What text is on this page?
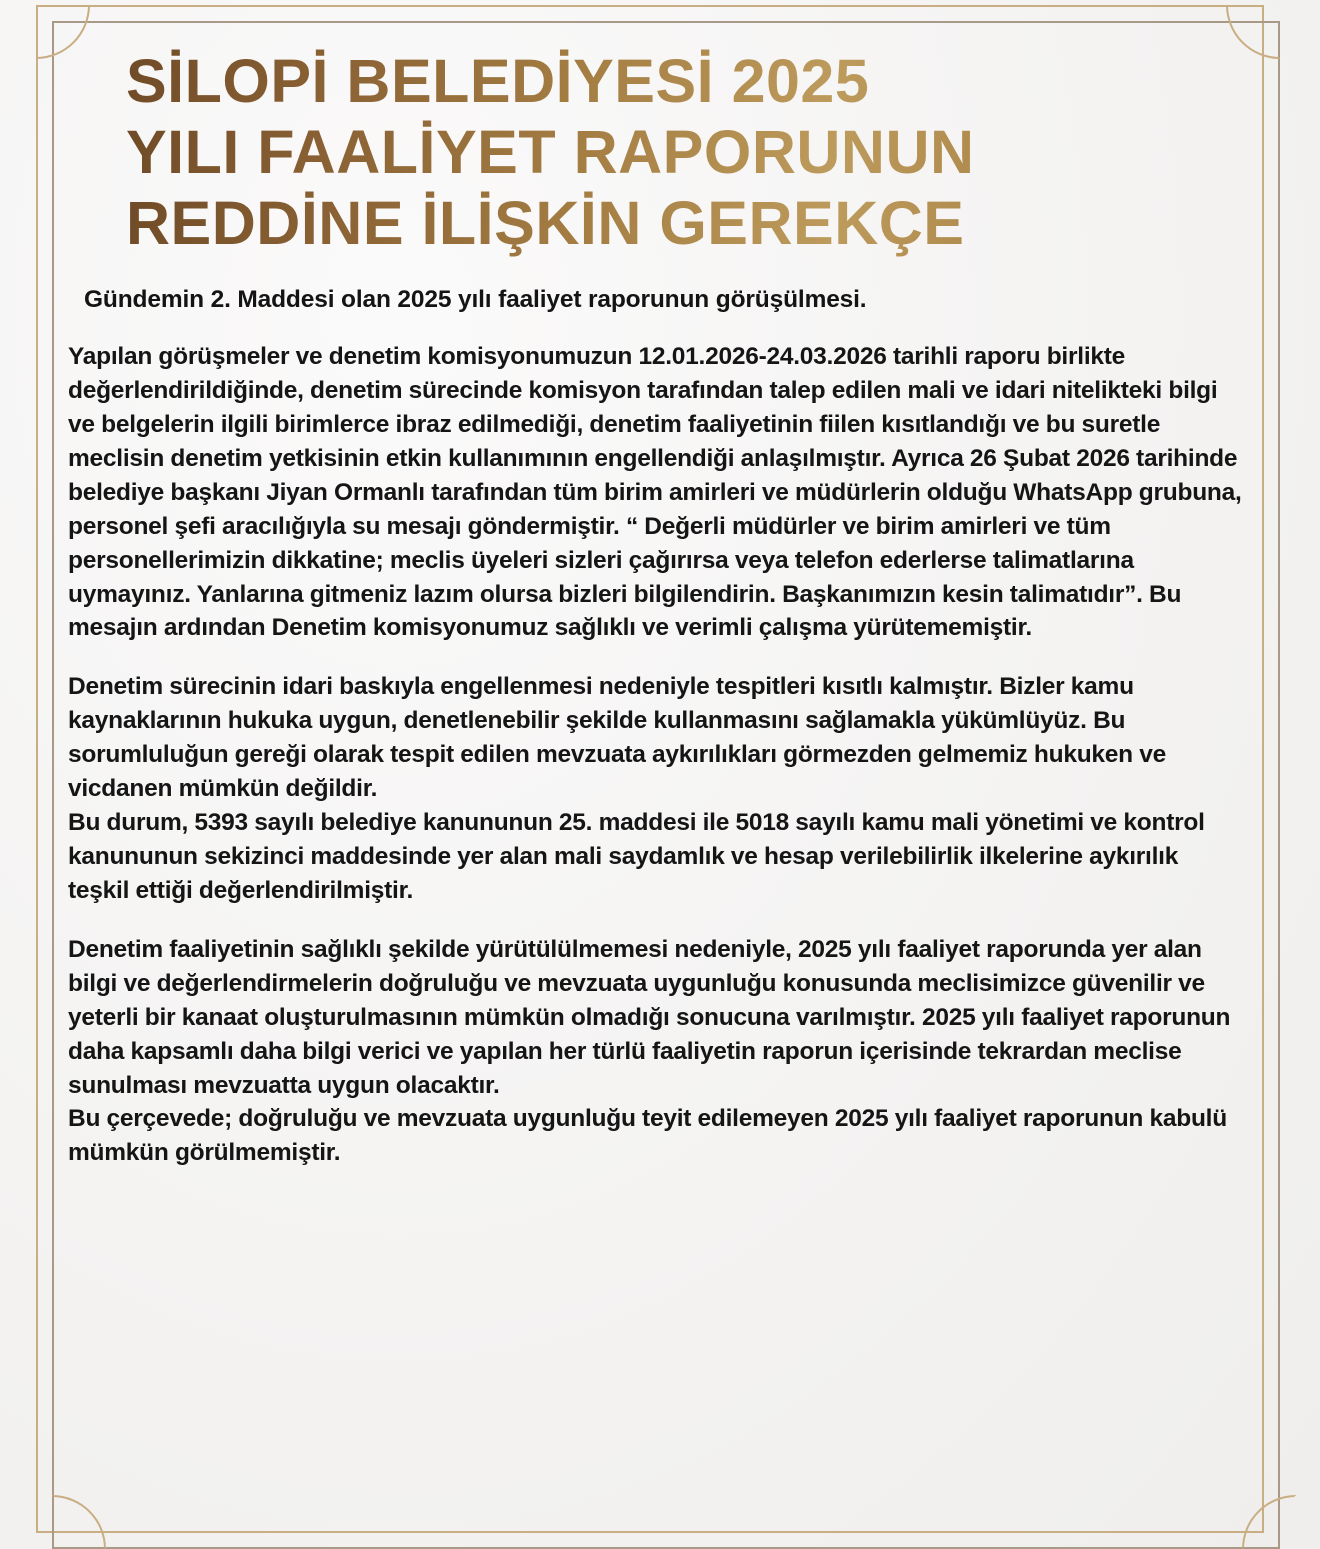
SİLOPİ BELEDİYESİ 2025
YILI FAALİYET RAPORUNUN
REDDİNE İLİŞKİN GEREKÇE
Gündemin 2. Maddesi olan 2025 yılı faaliyet raporunun görüşülmesi.

Yapılan görüşmeler ve denetim komisyonumuzun 12.01.2026-24.03.2026 tarihli raporu birlikte değerlendirildiğinde, denetim sürecinde komisyon tarafından talep edilen mali ve idari nitelikteki bilgi ve belgelerin ilgili birimlerce ibraz edilmediği, denetim faaliyetinin fiilen kısıtlandığı ve bu suretle meclisin denetim yetkisinin etkin kullanımının engellendiği anlaşılmıştır. Ayrıca 26 Şubat 2026 tarihinde belediye başkanı Jiyan Ormanlı tarafından tüm birim amirleri ve müdürlerin olduğu WhatsApp grubuna, personel şefi aracılığıyla su mesajı göndermiştir. “ Değerli müdürler ve birim amirleri ve tüm personellerimizin dikkatine; meclis üyeleri sizleri çağırırsa veya telefon ederlerse talimatlarına uymayınız. Yanlarına gitmeniz lazım olursa bizleri bilgilendirin. Başkanımızın kesin talimatıdır”. Bu mesajın ardından Denetim komisyonumuz sağlıklı ve verimli çalışma yürütememiştir.

Denetim sürecinin idari baskıyla engellenmesi nedeniyle tespitleri kısıtlı kalmıştır. Bizler kamu kaynaklarının hukuka uygun, denetlenebilir şekilde kullanmasını sağlamakla yükümlüyüz. Bu sorumluluğun gereği olarak tespit edilen mevzuata aykırılıkları görmezden gelmemiz hukuken ve vicdanen mümkün değildir.

Bu durum, 5393 sayılı belediye kanununun 25. maddesi ile 5018 sayılı kamu mali yönetimi ve kontrol kanununun sekizinci maddesinde yer alan mali saydamlık ve hesap verilebilirlik ilkelerine aykırılık teşkil ettiği değerlendirilmiştir.

Denetim faaliyetinin sağlıklı şekilde yürütülülmemesi nedeniyle, 2025 yılı faaliyet raporunda yer alan bilgi ve değerlendirmelerin doğruluğu ve mevzuata uygunluğu konusunda meclisimizce güvenilir ve yeterli bir kanaat oluşturulmasının mümkün olmadığı sonucuna varılmıştır. 2025 yılı faaliyet raporunun daha kapsamlı daha bilgi verici ve yapılan her türlü faaliyetin raporun içerisinde tekrardan meclise sunulması mevzuatta uygun olacaktır.

Bu çerçevede; doğruluğu ve mevzuata uygunluğu teyit edilemeyen 2025 yılı faaliyet raporunun kabulü mümkün görülmemiştir.
